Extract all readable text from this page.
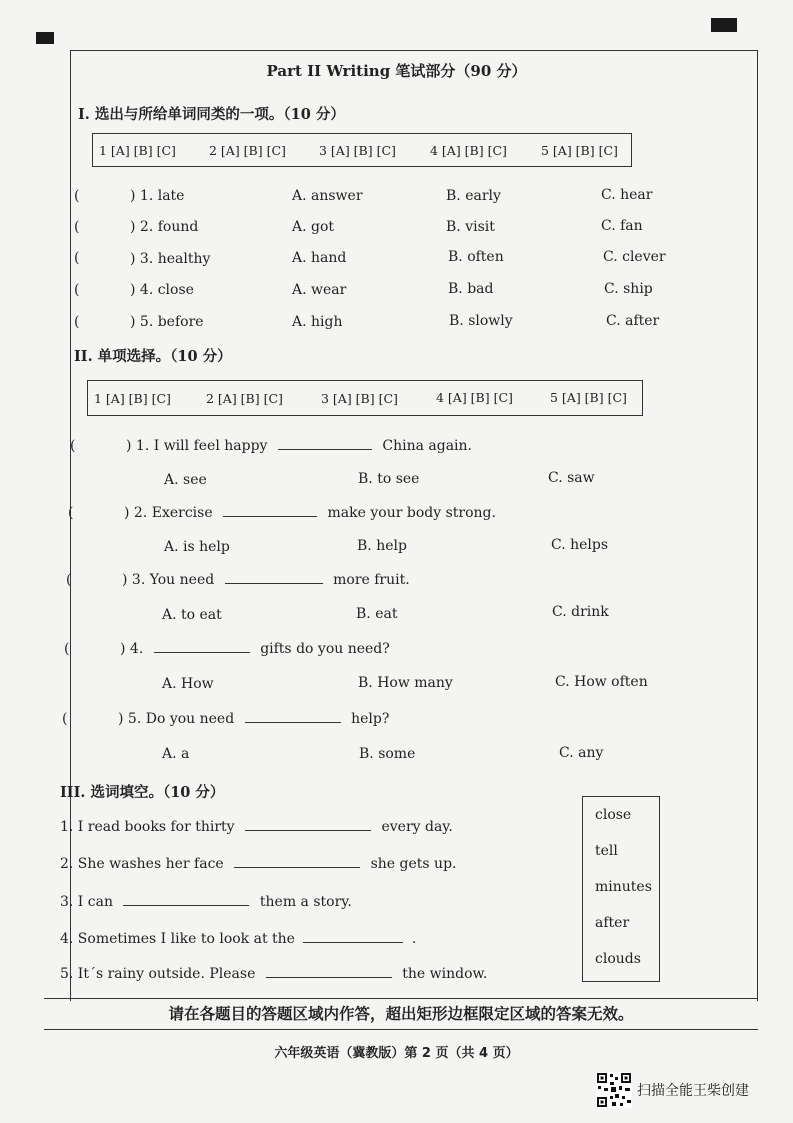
Part II Writing 笔试部分（90 分）
I. 选出与所给单词同类的一项。（10 分）
1 [A] [B] [C]	2 [A] [B] [C]	3 [A] [B] [C]	4 [A] [B] [C]	5 [A] [B] [C]
(	) 1. late	A. answer	B. early	C. hear
(	) 2. found	A. got	B. visit	C. fan
(	) 3. healthy	A. hand	B. often	C. clever
(	) 4. close	A. wear	B. bad	C. ship
(	) 5. before	A. high	B. slowly	C. after
II. 单项选择。（10 分）
1 [A] [B] [C]	2 [A] [B] [C]	3 [A] [B] [C]	4 [A] [B] [C]	5 [A] [B] [C]
(	) 1. I will feel happy	China again.
A. see	B. to see	C. saw
(	) 2. Exercise	make your body strong.
A. is help	B. help	C. helps
(	) 3. You need	more fruit.
A. to eat	B. eat	C. drink
(	) 4.	gifts do you need?
A. How	B. How many	C. How often
(	) 5. Do you need	help?
A. a	B. some	C. any
III. 选词填空。（10 分）
1. I read books for thirty	every day.
2. She washes her face	she gets up.
3. I can	them a story.
4. Sometimes I like to look at the	.
5. It´s rainy outside. Please	the window.
close
tell
minutes
after
clouds
请在各题目的答题区域内作答，超出矩形边框限定区域的答案无效。
六年级英语（冀教版）第 2 页（共 4 页）
扫描全能王柴创建
